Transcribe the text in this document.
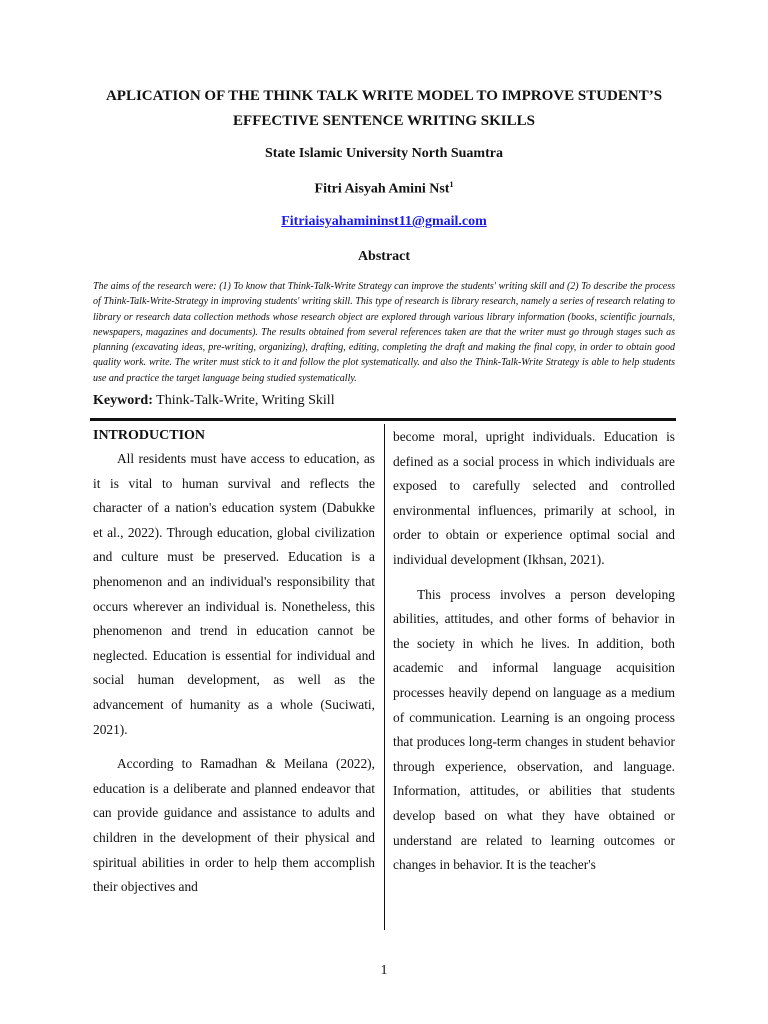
APLICATION OF THE THINK TALK WRITE MODEL TO IMPROVE STUDENT’S EFFECTIVE SENTENCE WRITING SKILLS

State Islamic University North Suamtra

Fitri Aisyah Amini Nst$^1$

Fitriaisyahamininst11@gmail.com

Abstract

The aims of the research were: (1) To know that Think-Talk-Write Strategy can improve the students' writing skill and (2) To describe the process of Think-Talk-Write-Strategy in improving students' writing skill. This type of research is library research, namely a series of research relating to library or research data collection methods whose research object are explored through various library information (books, scientific journals, newspapers, magazines and documents). The results obtained from several references taken are that the writer must go through stages such as planning (excavating ideas, pre-writing, organizing), drafting, editing, completing the draft and making the final copy, in order to obtain good quality work. write. The writer must stick to it and follow the plot systematically. and also the Think-Talk-Write Strategy is able to help students use and practice the target language being studied systematically.

Keyword: Think-Talk-Write, Writing Skill

INTRODUCTION

All residents must have access to education, as it is vital to human survival and reflects the character of a nation's education system (Dabukke et al., 2022). Through education, global civilization and culture must be preserved. Education is a phenomenon and an individual's responsibility that occurs wherever an individual is. Nonetheless, this phenomenon and trend in education cannot be neglected. Education is essential for individual and social human development, as well as the advancement of humanity as a whole (Suciwati, 2021).

According to Ramadhan & Meilana (2022), education is a deliberate and planned endeavor that can provide guidance and assistance to adults and children in the development of their physical and spiritual abilities in order to help them accomplish their objectives and

become moral, upright individuals. Education is defined as a social process in which individuals are exposed to carefully selected and controlled environmental influences, primarily at school, in order to obtain or experience optimal social and individual development (Ikhsan, 2021).

This process involves a person developing abilities, attitudes, and other forms of behavior in the society in which he lives. In addition, both academic and informal language acquisition processes heavily depend on language as a medium of communication. Learning is an ongoing process that produces long-term changes in student behavior through experience, observation, and language. Information, attitudes, or abilities that students develop based on what they have obtained or understand are related to learning outcomes or changes in behavior. It is the teacher's

1
